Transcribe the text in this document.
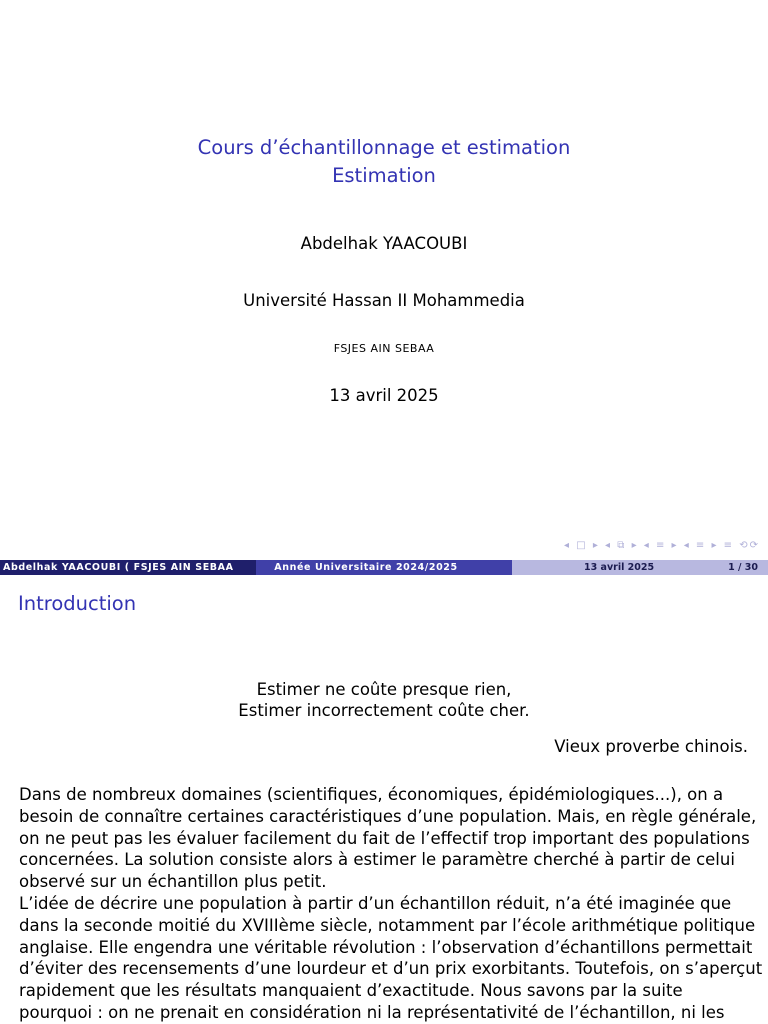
Cours d’échantillonnage et estimation
Estimation
Abdelhak YAACOUBI
Université Hassan II Mohammedia
FSJES AIN SEBAA
13 avril 2025
◂ □ ▸ ◂ ⧉ ▸ ◂ ≡ ▸ ◂ ≡ ▸ ≡ ⟲⟳
Abdelhak YAACOUBI ( FSJES AIN SEBAA	Année Universitaire 2024/2025	13 avril 2025	1 / 30
Introduction
Estimer ne coûte presque rien,
Estimer incorrectement coûte cher.
Vieux proverbe chinois.

Dans de nombreux domaines (scientifiques, économiques, épidémiologiques...), on a
besoin de connaître certaines caractéristiques d’une population. Mais, en règle générale,
on ne peut pas les évaluer facilement du fait de l’effectif trop important des populations
concernées. La solution consiste alors à estimer le paramètre cherché à partir de celui
observé sur un échantillon plus petit.
L’idée de décrire une population à partir d’un échantillon réduit, n’a été imaginée que
dans la seconde moitié du XVIIIème siècle, notamment par l’école arithmétique politique
anglaise. Elle engendra une véritable révolution : l’observation d’échantillons permettait
d’éviter des recensements d’une lourdeur et d’un prix exorbitants. Toutefois, on s’aperçut
rapidement que les résultats manquaient d’exactitude. Nous savons par la suite
pourquoi : on ne prenait en considération ni la représentativité de l’échantillon, ni les
